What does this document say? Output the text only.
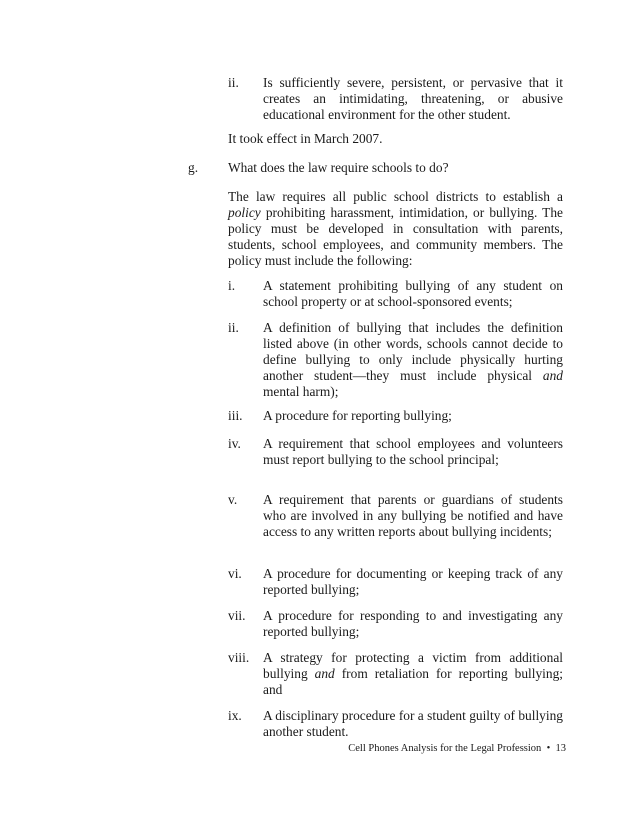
ii. Is sufficiently severe, persistent, or pervasive that it creates an intimidating, threatening, or abusive educational environment for the other student.
It took effect in March 2007.
g. What does the law require schools to do?
The law requires all public school districts to establish a policy prohibiting harassment, intimidation, or bullying. The policy must be developed in consultation with parents, students, school employees, and community members. The policy must include the following:
i. A statement prohibiting bullying of any student on school property or at school-sponsored events;
ii. A definition of bullying that includes the definition listed above (in other words, schools cannot decide to define bullying to only include physically hurting another student—they must include physical and mental harm);
iii. A procedure for reporting bullying;
iv. A requirement that school employees and volunteers must report bullying to the school principal;
v. A requirement that parents or guardians of students who are involved in any bullying be notified and have access to any written reports about bullying incidents;
vi. A procedure for documenting or keeping track of any reported bullying;
vii. A procedure for responding to and investigating any reported bullying;
viii. A strategy for protecting a victim from additional bullying and from retaliation for reporting bullying; and
ix. A disciplinary procedure for a student guilty of bullying another student.
Cell Phones Analysis for the Legal Profession • 13
